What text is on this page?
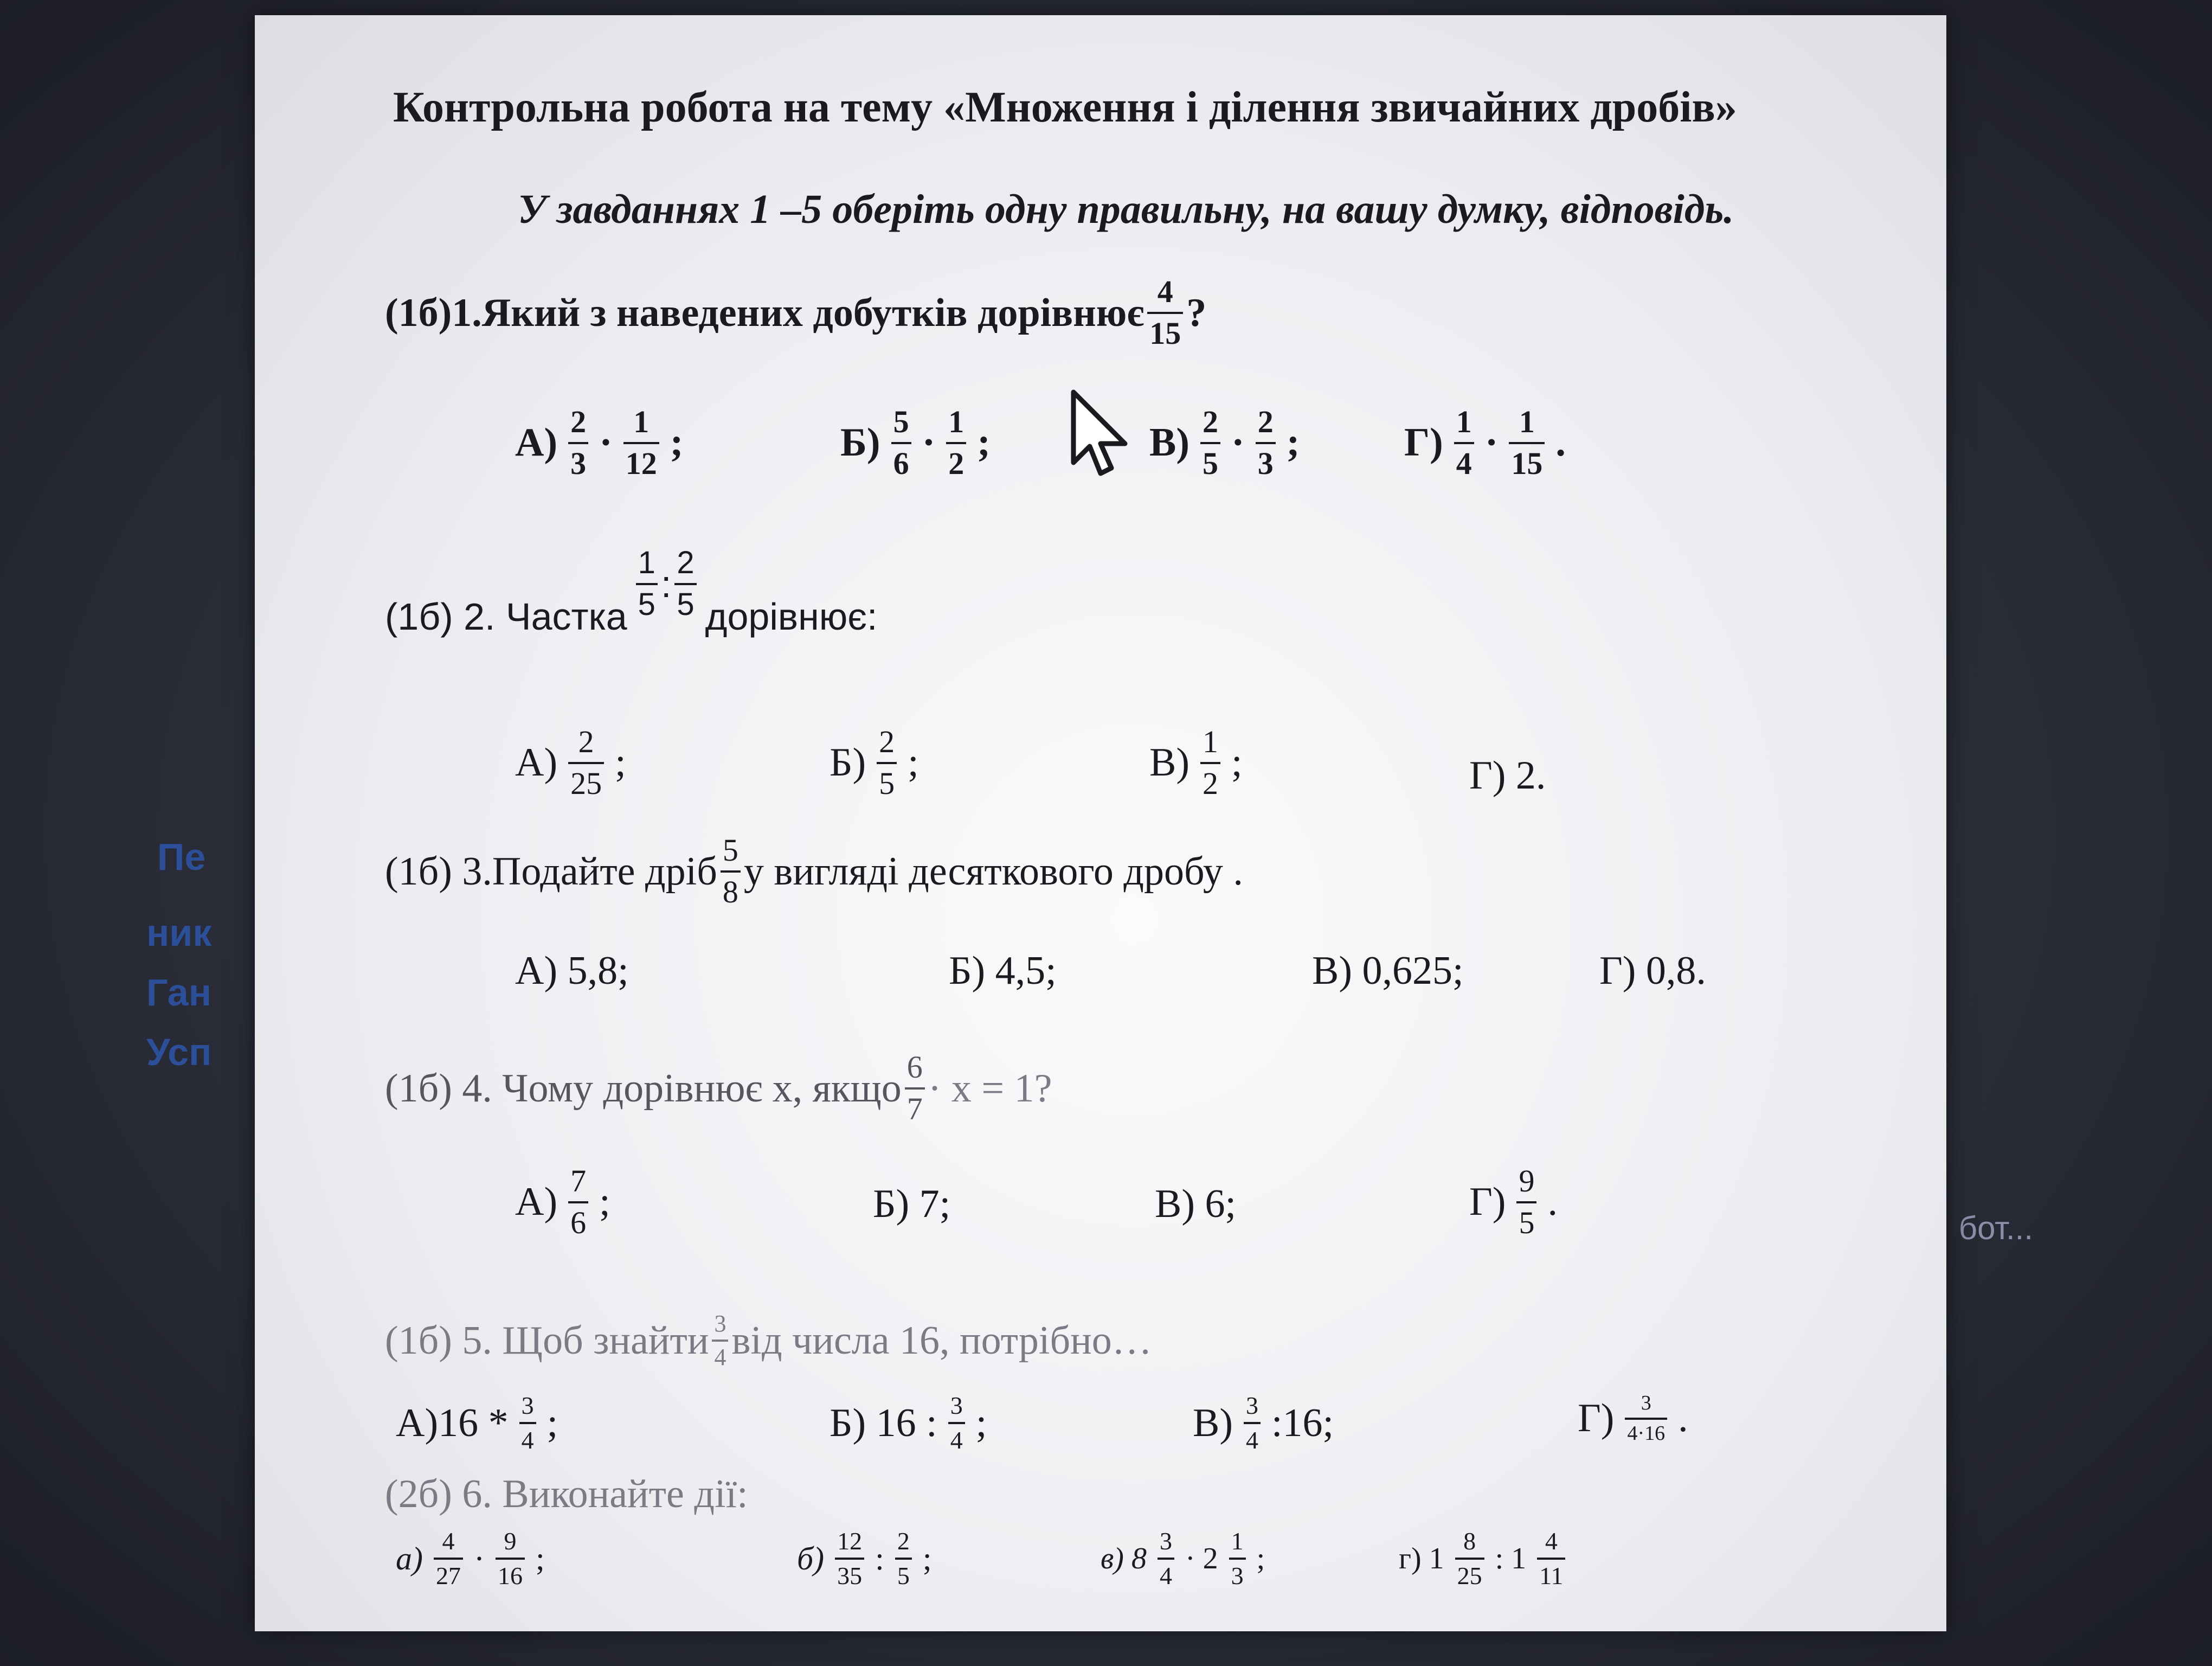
Пе
ник
Ган
Усп
бот...
Контрольна робота на тему «Множення і ділення звичайних дробів»
У завданнях 1 –5 оберіть одну правильну, на вашу думку, відповідь.
(1б)1.Який з наведених добутків дорівнює $\frac{4}{15}$ ?
$А) \frac{2}{3} \cdot \frac{1}{12}$ ;	$Б) \frac{5}{6} \cdot \frac{1}{2}$ ;	$В) \frac{2}{5} \cdot \frac{2}{3}$ ;	$Г) \frac{1}{4} \cdot \frac{1}{15}$ .
(1б) 2. Частка $\frac{1}{5}$ : $\frac{2}{5}$ дорівнює:
$А) \frac{2}{25}$ ;	$Б) \frac{2}{5}$ ;	$В) \frac{1}{2}$ ;	Г) 2.
(1б) 3.Подайте дріб $\frac{5}{8}$ у вигляді десяткового дробу .
А) 5,8;	Б) 4,5;	В) 0,625;	Г) 0,8.
(1б) 4. Чому дорівнює х, якщо $\frac{6}{7} \cdot х = 1$?
$А) \frac{7}{6}$ ;	Б) 7;	В) 6;	$Г) \frac{9}{5}$ .
(1б) 5. Щоб знайти $\frac{3}{4}$ від числа 16, потрібно…
$А)16 * \frac{3}{4}$ ;	Б) 16 : $\frac{3}{4}$ ;	$В) \frac{3}{4}$ :16;	$Г) \frac{3}{4\cdot 16}$ .
(2б) 6. Виконайте дії:
$а) \frac{4}{27} \cdot \frac{9}{16}$ ;	$б) \frac{12}{35}$ : $\frac{2}{5}$ ;	в) $8 \frac{3}{4} \cdot 2 \frac{1}{3}$ ;	г) $1 \frac{8}{25}$ : $1 \frac{4}{11}$
